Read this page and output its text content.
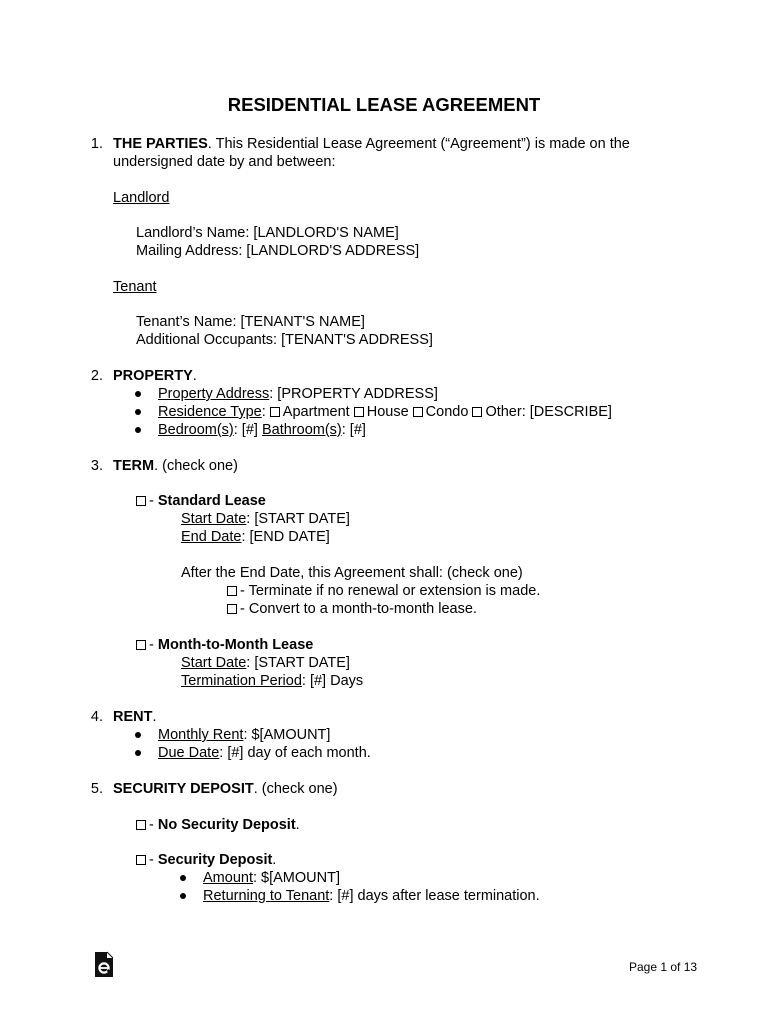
RESIDENTIAL LEASE AGREEMENT
1. THE PARTIES. This Residential Lease Agreement (“Agreement”) is made on the
undersigned date by and between:
Landlord
Landlord’s Name: [LANDLORD'S NAME]
Mailing Address: [LANDLORD'S ADDRESS]
Tenant
Tenant’s Name: [TENANT'S NAME]
Additional Occupants: [TENANT'S ADDRESS]
2. PROPERTY.
Property Address: [PROPERTY ADDRESS]
Residence Type: Apartment House Condo Other: [DESCRIBE]
Bedroom(s): [#] Bathroom(s): [#]
3. TERM. (check one)
- Standard Lease
Start Date: [START DATE]
End Date: [END DATE]
After the End Date, this Agreement shall: (check one)
- Terminate if no renewal or extension is made.
- Convert to a month-to-month lease.
- Month-to-Month Lease
Start Date: [START DATE]
Termination Period: [#] Days
4. RENT.
Monthly Rent: $[AMOUNT]
Due Date: [#] day of each month.
5. SECURITY DEPOSIT. (check one)
- No Security Deposit.
- Security Deposit.
Amount: $[AMOUNT]
Returning to Tenant: [#] days after lease termination.
Page 1 of 13
